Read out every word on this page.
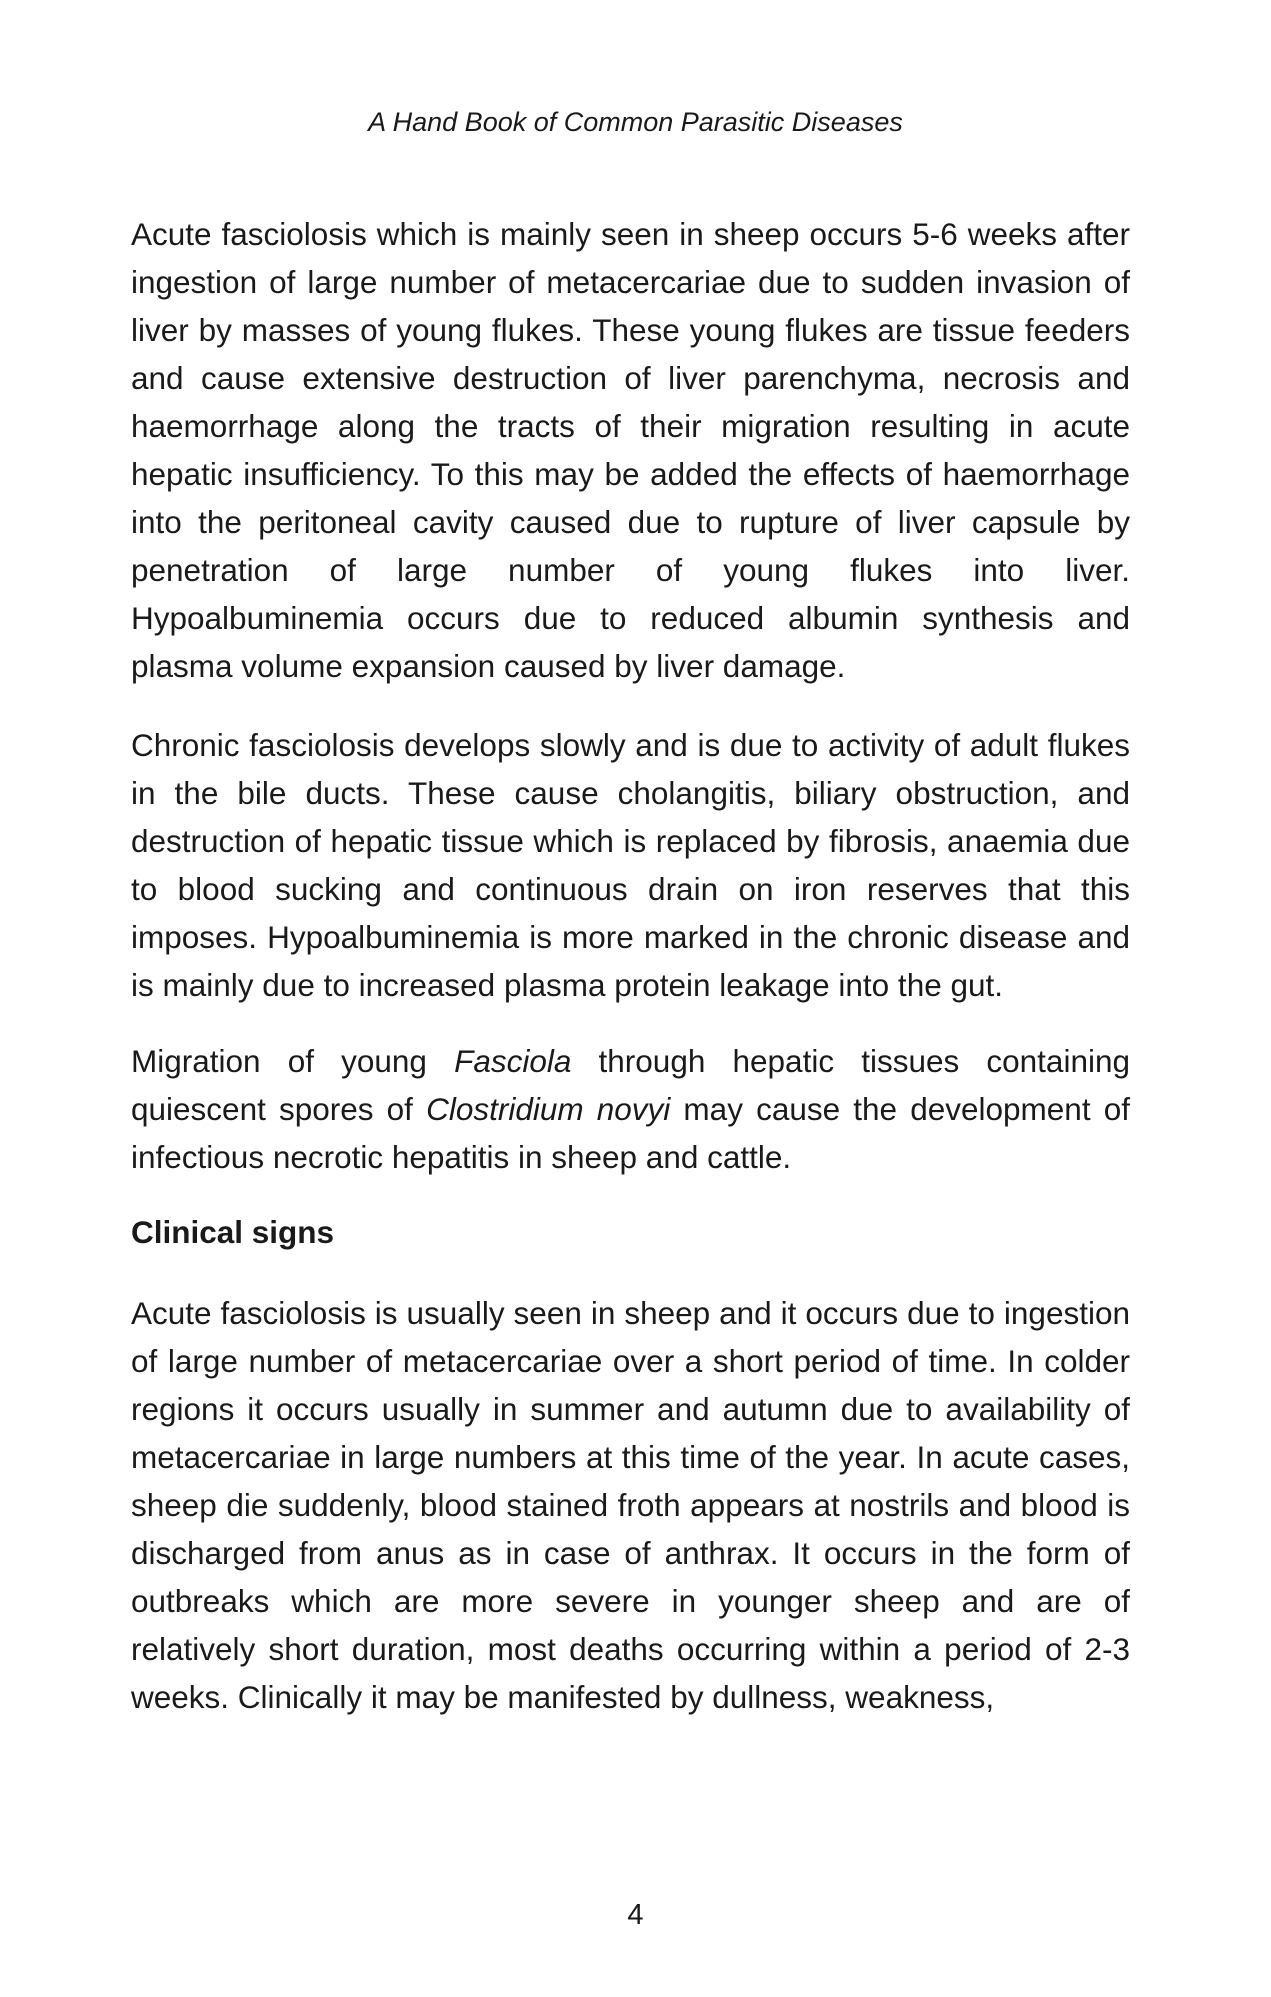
A Hand Book of Common Parasitic Diseases

Acute fasciolosis which is mainly seen in sheep occurs 5-6 weeks after ingestion of large number of metacercariae due to sudden invasion of liver by masses of young flukes. These young flukes are tissue feeders and cause extensive destruction of liver parenchyma, necrosis and haemorrhage along the tracts of their migration resulting in acute hepatic insufficiency. To this may be added the effects of haemorrhage into the peritoneal cavity caused due to rupture of liver capsule by penetration of large number of young flukes into liver. Hypoalbuminemia occurs due to reduced albumin synthesis and plasma volume expansion caused by liver damage.

Chronic fasciolosis develops slowly and is due to activity of adult flukes in the bile ducts. These cause cholangitis, biliary obstruction, and destruction of hepatic tissue which is replaced by fibrosis, anaemia due to blood sucking and continuous drain on iron reserves that this imposes. Hypoalbuminemia is more marked in the chronic disease and is mainly due to increased plasma protein leakage into the gut.

Migration of young Fasciola through hepatic tissues containing quiescent spores of Clostridium novyi may cause the development of infectious necrotic hepatitis in sheep and cattle.

Clinical signs

Acute fasciolosis is usually seen in sheep and it occurs due to ingestion of large number of metacercariae over a short period of time. In colder regions it occurs usually in summer and autumn due to availability of metacercariae in large numbers at this time of the year. In acute cases, sheep die suddenly, blood stained froth appears at nostrils and blood is discharged from anus as in case of anthrax. It occurs in the form of outbreaks which are more severe in younger sheep and are of relatively short duration, most deaths occurring within a period of 2-3 weeks. Clinically it may be manifested by dullness, weakness,

4
